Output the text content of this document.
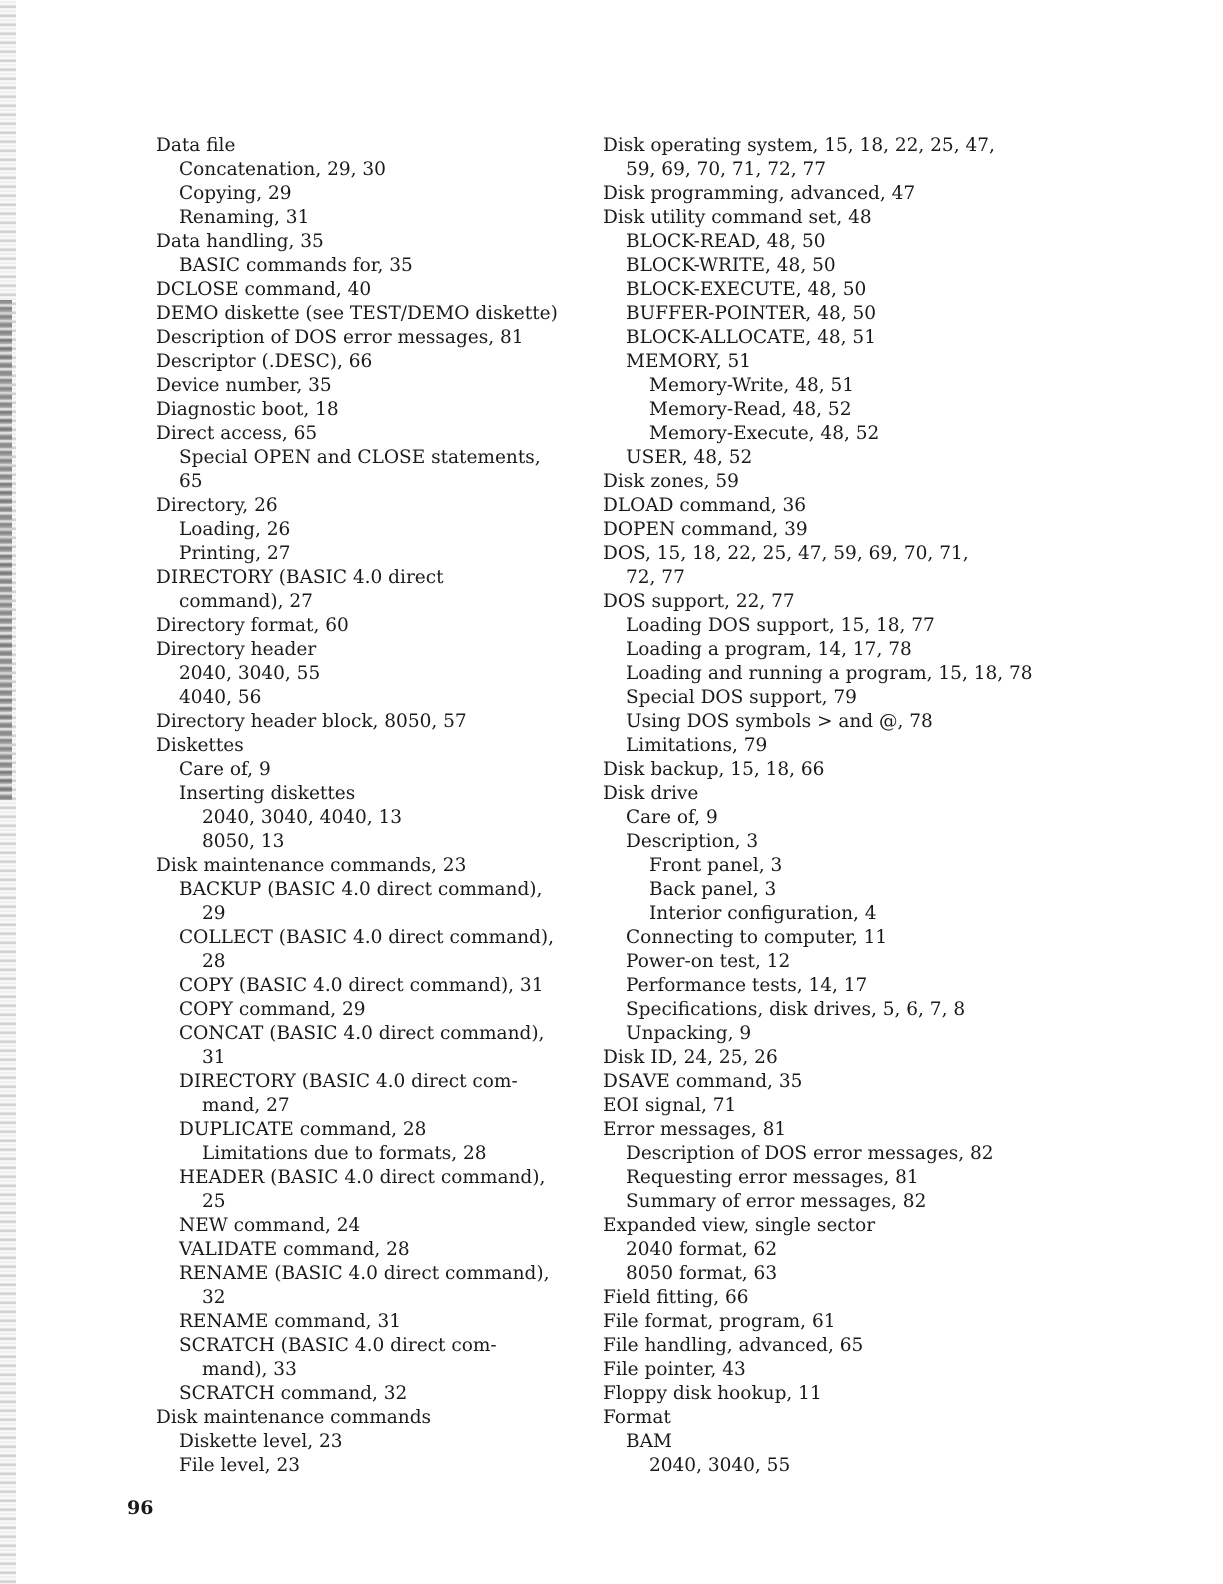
Data file
Concatenation, 29, 30
Copying, 29
Renaming, 31
Data handling, 35
BASIC commands for, 35
DCLOSE command, 40
DEMO diskette (see TEST/DEMO diskette)
Description of DOS error messages, 81
Descriptor (.DESC), 66
Device number, 35
Diagnostic boot, 18
Direct access, 65
Special OPEN and CLOSE statements,
65
Directory, 26
Loading, 26
Printing, 27
DIRECTORY (BASIC 4.0 direct
command), 27
Directory format, 60
Directory header
2040, 3040, 55
4040, 56
Directory header block, 8050, 57
Diskettes
Care of, 9
Inserting diskettes
2040, 3040, 4040, 13
8050, 13
Disk maintenance commands, 23
BACKUP (BASIC 4.0 direct command),
29
COLLECT (BASIC 4.0 direct command),
28
COPY (BASIC 4.0 direct command), 31
COPY command, 29
CONCAT (BASIC 4.0 direct command),
31
DIRECTORY (BASIC 4.0 direct com-
mand, 27
DUPLICATE command, 28
Limitations due to formats, 28
HEADER (BASIC 4.0 direct command),
25
NEW command, 24
VALIDATE command, 28
RENAME (BASIC 4.0 direct command),
32
RENAME command, 31
SCRATCH (BASIC 4.0 direct com-
mand), 33
SCRATCH command, 32
Disk maintenance commands
Diskette level, 23
File level, 23
Disk operating system, 15, 18, 22, 25, 47,
59, 69, 70, 71, 72, 77
Disk programming, advanced, 47
Disk utility command set, 48
BLOCK-READ, 48, 50
BLOCK-WRITE, 48, 50
BLOCK-EXECUTE, 48, 50
BUFFER-POINTER, 48, 50
BLOCK-ALLOCATE, 48, 51
MEMORY, 51
Memory-Write, 48, 51
Memory-Read, 48, 52
Memory-Execute, 48, 52
USER, 48, 52
Disk zones, 59
DLOAD command, 36
DOPEN command, 39
DOS, 15, 18, 22, 25, 47, 59, 69, 70, 71,
72, 77
DOS support, 22, 77
Loading DOS support, 15, 18, 77
Loading a program, 14, 17, 78
Loading and running a program, 15, 18, 78
Special DOS support, 79
Using DOS symbols > and @, 78
Limitations, 79
Disk backup, 15, 18, 66
Disk drive
Care of, 9
Description, 3
Front panel, 3
Back panel, 3
Interior configuration, 4
Connecting to computer, 11
Power-on test, 12
Performance tests, 14, 17
Specifications, disk drives, 5, 6, 7, 8
Unpacking, 9
Disk ID, 24, 25, 26
DSAVE command, 35
EOI signal, 71
Error messages, 81
Description of DOS error messages, 82
Requesting error messages, 81
Summary of error messages, 82
Expanded view, single sector
2040 format, 62
8050 format, 63
Field fitting, 66
File format, program, 61
File handling, advanced, 65
File pointer, 43
Floppy disk hookup, 11
Format
BAM
2040, 3040, 55
96
